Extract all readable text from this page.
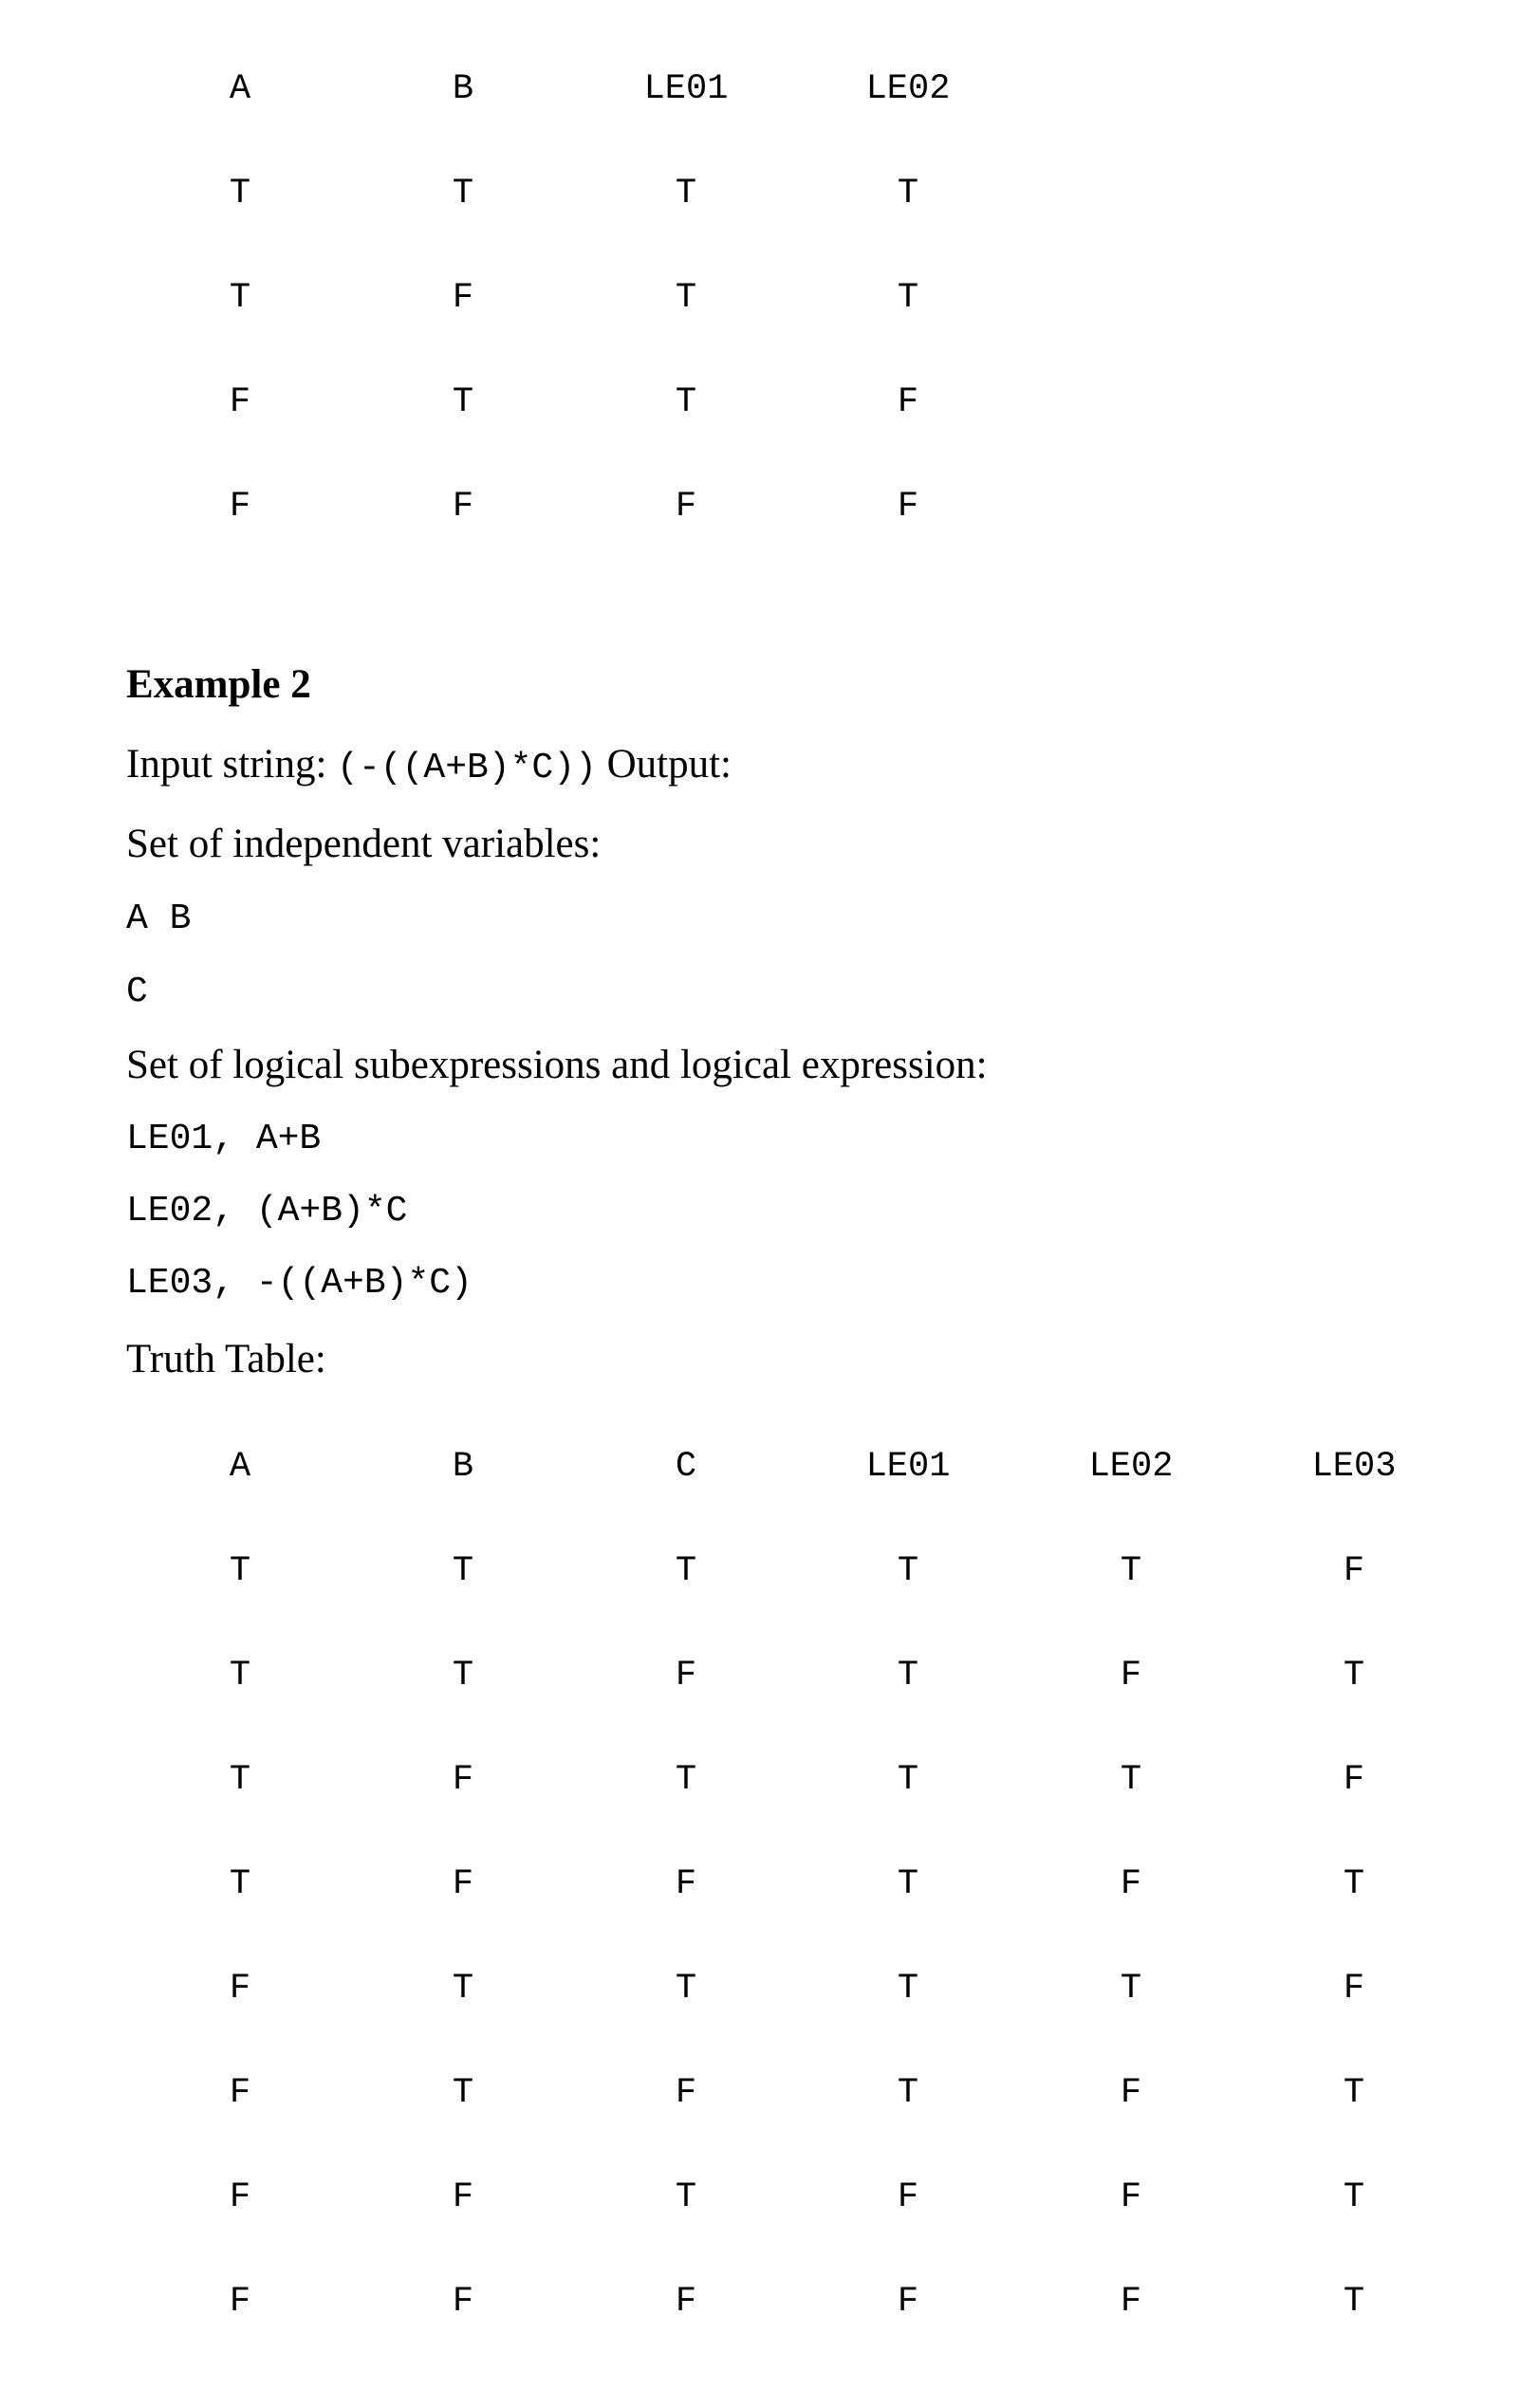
A	B	LE01	LE02
T	T	T	T
T	F	T	T
F	T	T	F
F	F	F	F
Example 2
Input string: (-((A+B)*C)) Output:
Set of independent variables:
A B
C
Set of logical subexpressions and logical expression:
LE01, A+B
LE02, (A+B)*C
LE03, -((A+B)*C)
Truth Table:
A	B	C	LE01	LE02	LE03
T	T	T	T	T	F
T	T	F	T	F	T
T	F	T	T	T	F
T	F	F	T	F	T
F	T	T	T	T	F
F	T	F	T	F	T
F	F	T	F	F	T
F	F	F	F	F	T
